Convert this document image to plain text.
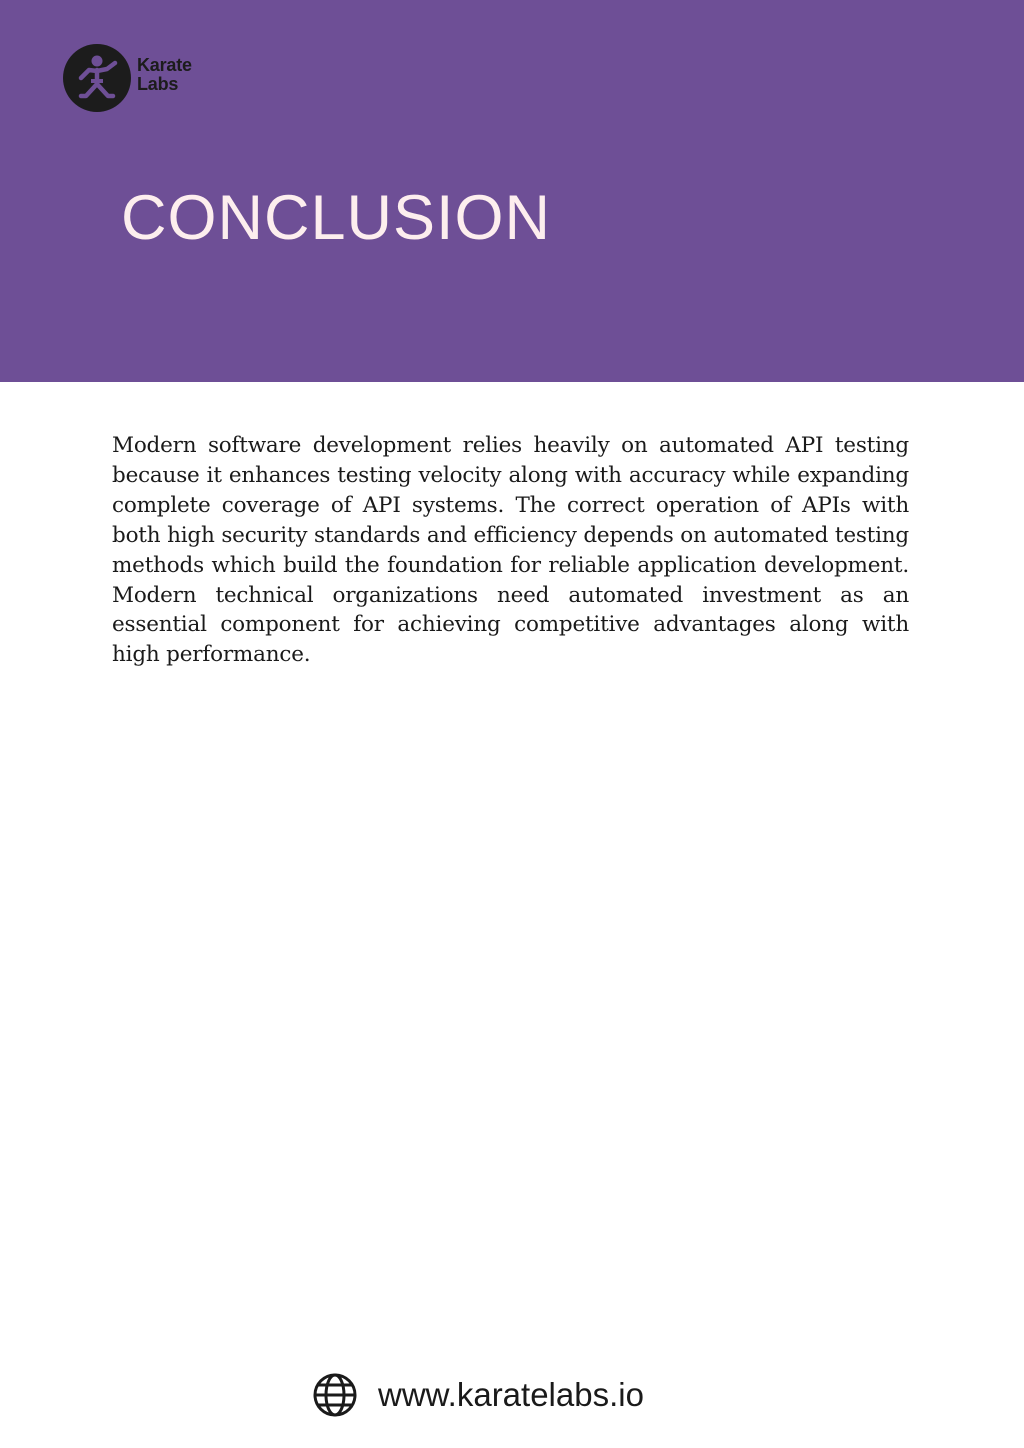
Karate
Labs
CONCLUSION

Modern software development relies heavily on automated API testing because it enhances testing velocity along with accuracy while expanding complete coverage of API systems. The correct operation of APIs with both high security standards and efficiency depends on automated testing methods which build the foundation for reliable application development. Modern technical organizations need automated investment as an essential component for achieving competitive advantages along with high performance.

www.karatelabs.io
